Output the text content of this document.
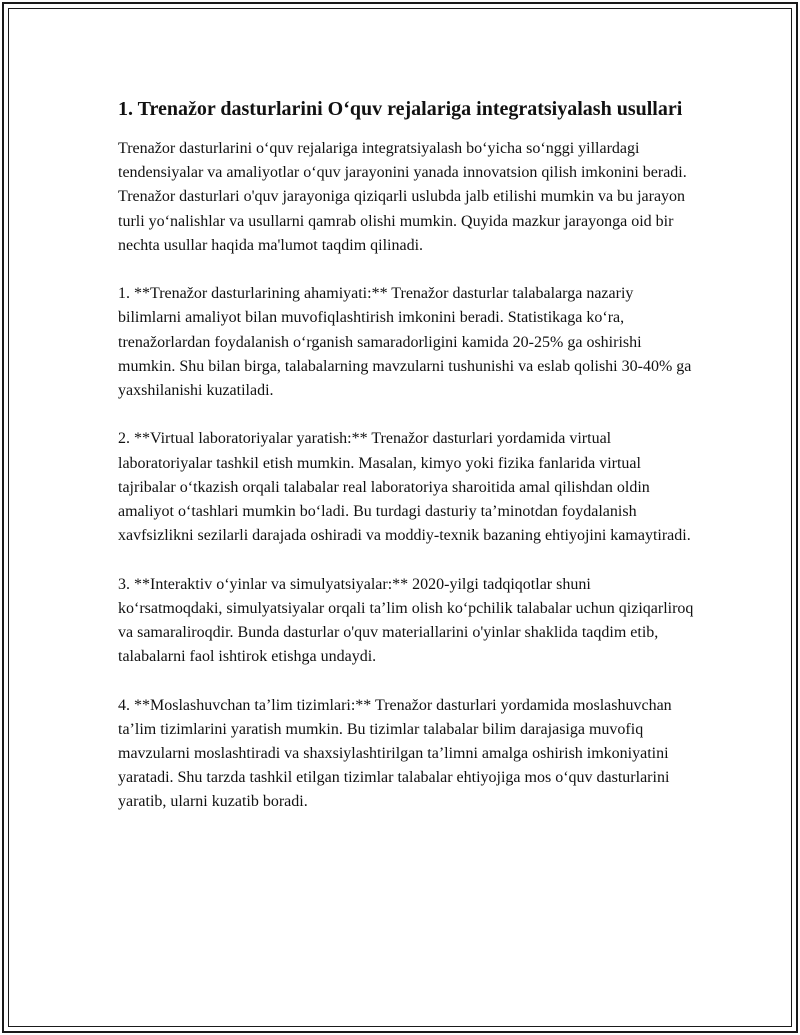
1. Trenažor dasturlarini O‘quv rejalariga integratsiyalash usullari

Trenažor dasturlarini o‘quv rejalariga integratsiyalash bo‘yicha so‘nggi yillardagi tendensiyalar va amaliyotlar o‘quv jarayonini yanada innovatsion qilish imkonini beradi. Trenažor dasturlari o'quv jarayoniga qiziqarli uslubda jalb etilishi mumkin va bu jarayon turli yo‘nalishlar va usullarni qamrab olishi mumkin. Quyida mazkur jarayonga oid bir nechta usullar haqida ma'lumot taqdim qilinadi.

1. **Trenažor dasturlarining ahamiyati:** Trenažor dasturlar talabalarga nazariy bilimlarni amaliyot bilan muvofiqlashtirish imkonini beradi. Statistikaga ko‘ra, trenažorlardan foydalanish o‘rganish samaradorligini kamida 20-25% ga oshirishi mumkin. Shu bilan birga, talabalarning mavzularni tushunishi va eslab qolishi 30-40% ga yaxshilanishi kuzatiladi.

2. **Virtual laboratoriyalar yaratish:** Trenažor dasturlari yordamida virtual laboratoriyalar tashkil etish mumkin. Masalan, kimyo yoki fizika fanlarida virtual tajribalar o‘tkazish orqali talabalar real laboratoriya sharoitida amal qilishdan oldin amaliyot o‘tashlari mumkin bo‘ladi. Bu turdagi dasturiy ta’minotdan foydalanish xavfsizlikni sezilarli darajada oshiradi va moddiy-texnik bazaning ehtiyojini kamaytiradi.

3. **Interaktiv o‘yinlar va simulyatsiyalar:** 2020-yilgi tadqiqotlar shuni ko‘rsatmoqdaki, simulyatsiyalar orqali ta’lim olish ko‘pchilik talabalar uchun qiziqarliroq va samaraliroqdir. Bunda dasturlar o'quv materiallarini o'yinlar shaklida taqdim etib, talabalarni faol ishtirok etishga undaydi.

4. **Moslashuvchan ta’lim tizimlari:** Trenažor dasturlari yordamida moslashuvchan ta’lim tizimlarini yaratish mumkin. Bu tizimlar talabalar bilim darajasiga muvofiq mavzularni moslashtiradi va shaxsiylashtirilgan ta’limni amalga oshirish imkoniyatini yaratadi. Shu tarzda tashkil etilgan tizimlar talabalar ehtiyojiga mos o‘quv dasturlarini yaratib, ularni kuzatib boradi.
